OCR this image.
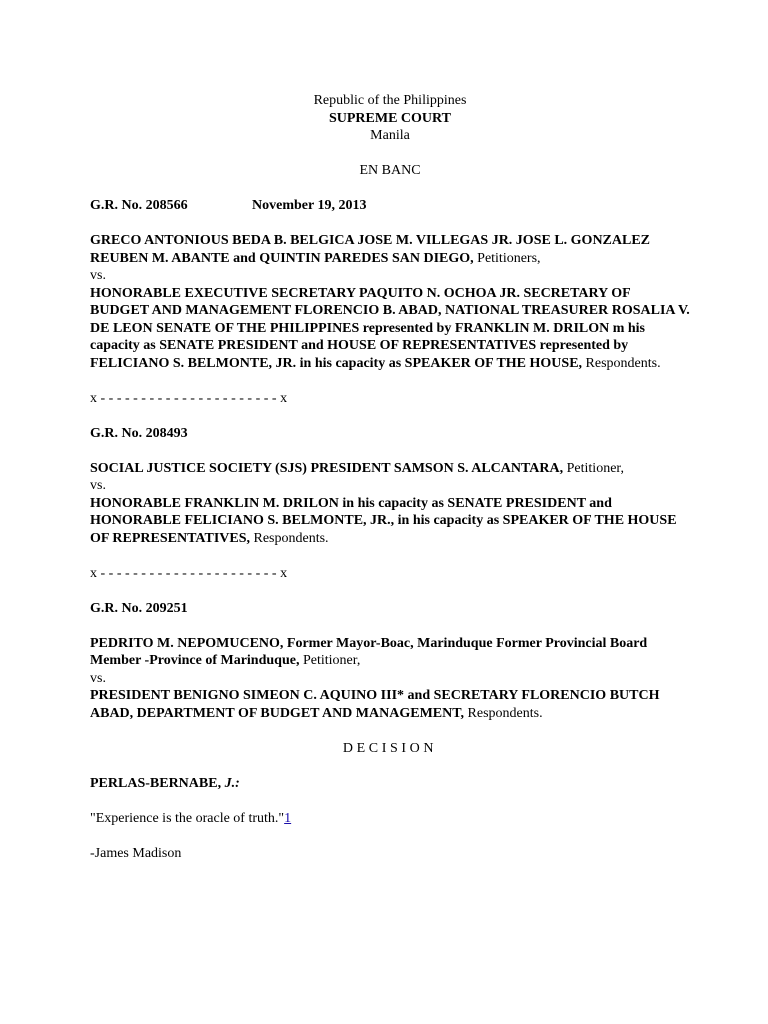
Republic of the Philippines

SUPREME COURT

Manila

EN BANC

G.R. No. 208566	November 19, 2013

GRECO ANTONIOUS BEDA B. BELGICA JOSE M. VILLEGAS JR. JOSE L. GONZALEZ REUBEN M. ABANTE and QUINTIN PAREDES SAN DIEGO, Petitioners,

vs.

HONORABLE EXECUTIVE SECRETARY PAQUITO N. OCHOA JR. SECRETARY OF BUDGET AND MANAGEMENT FLORENCIO B. ABAD, NATIONAL TREASURER ROSALIA V. DE LEON SENATE OF THE PHILIPPINES represented by FRANKLIN M. DRILON m his capacity as SENATE PRESIDENT and HOUSE OF REPRESENTATIVES represented by FELICIANO S. BELMONTE, JR. in his capacity as SPEAKER OF THE HOUSE, Respondents.

x - - - - - - - - - - - - - - - - - - - - - - x

G.R. No. 208493

SOCIAL JUSTICE SOCIETY (SJS) PRESIDENT SAMSON S. ALCANTARA, Petitioner,

vs.

HONORABLE FRANKLIN M. DRILON in his capacity as SENATE PRESIDENT and HONORABLE FELICIANO S. BELMONTE, JR., in his capacity as SPEAKER OF THE HOUSE OF REPRESENTATIVES, Respondents.

x - - - - - - - - - - - - - - - - - - - - - - x

G.R. No. 209251

PEDRITO M. NEPOMUCENO, Former Mayor-Boac, Marinduque Former Provincial Board Member -Province of Marinduque, Petitioner,

vs.

PRESIDENT BENIGNO SIMEON C. AQUINO III* and SECRETARY FLORENCIO BUTCH ABAD, DEPARTMENT OF BUDGET AND MANAGEMENT, Respondents.

DECISION

PERLAS-BERNABE, J.:

"Experience is the oracle of truth."1

-James Madison
